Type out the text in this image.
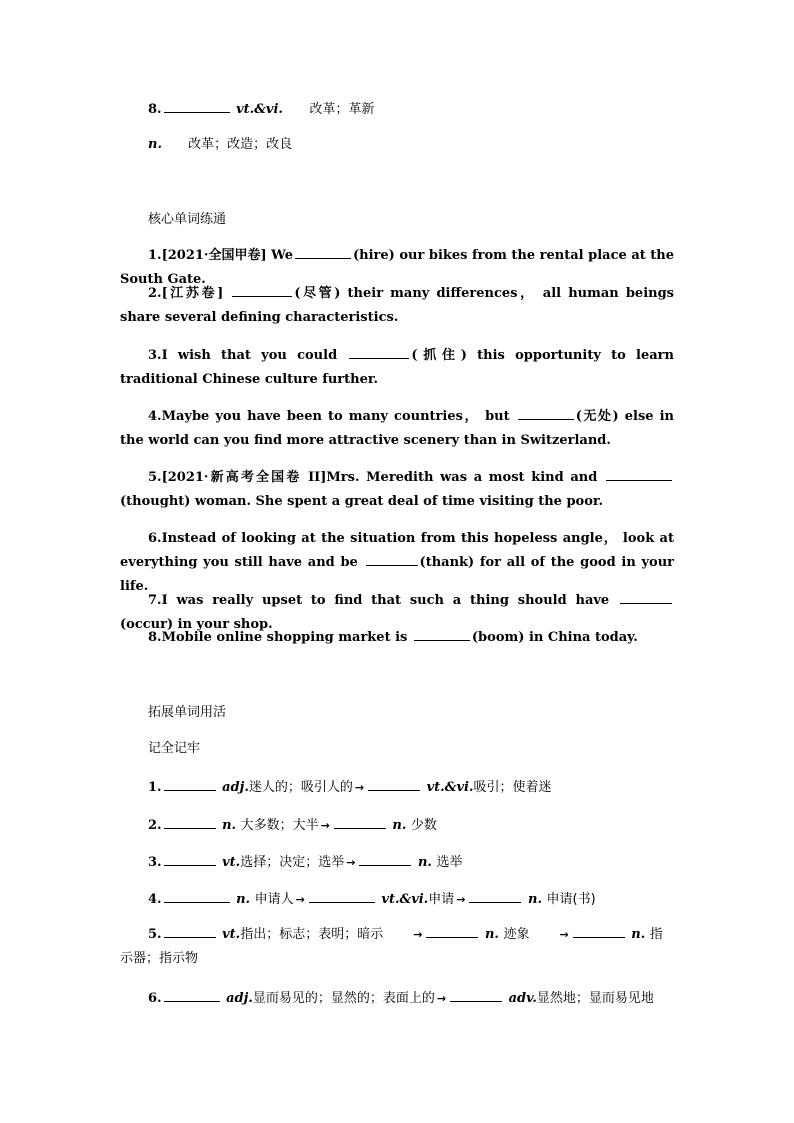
8.	vt.&vi. 改革；革新
n. 改革；改造；改良
核心单词练通
1.[2021·全国甲卷] We	(hire) our bikes from the rental place at the South Gate.
2.[江苏卷]	(尽管) their many differences， all human beings share several defining characteristics.
3.I wish that you could	(抓住) this opportunity to learn traditional Chinese culture further.
4.Maybe you have been to many countries， but	(无处) else in the world can you find more attractive scenery than in Switzerland.
5.[2021·新高考全国卷 II]Mrs. Meredith was a most kind and (thought) woman. She spent a great deal of time visiting the poor.
6.Instead of looking at the situation from this hopeless angle， look at everything you still have and be	(thank) for all of the good in your life.
7.I was really upset to find that such a thing should have (occur) in your shop.
8.Mobile online shopping market is	(boom) in China today.
拓展单词用活
记全记牢
1.	adj.迷人的；吸引人的 →	vt.&vi.吸引；使着迷
2.	n. 大多数；大半 →	n. 少数
3.	vt.选择；决定；选举 →	n. 选举
4.	n. 申请人 →	vt.&vi.申请 →	n. 申请(书)
5.	vt.指出；标志；表明；暗示	→	n. 迹象	→	n. 指示器；指示物
6.	adj.显而易见的；显然的；表面上的 →	adv.显然地；显而易见地
